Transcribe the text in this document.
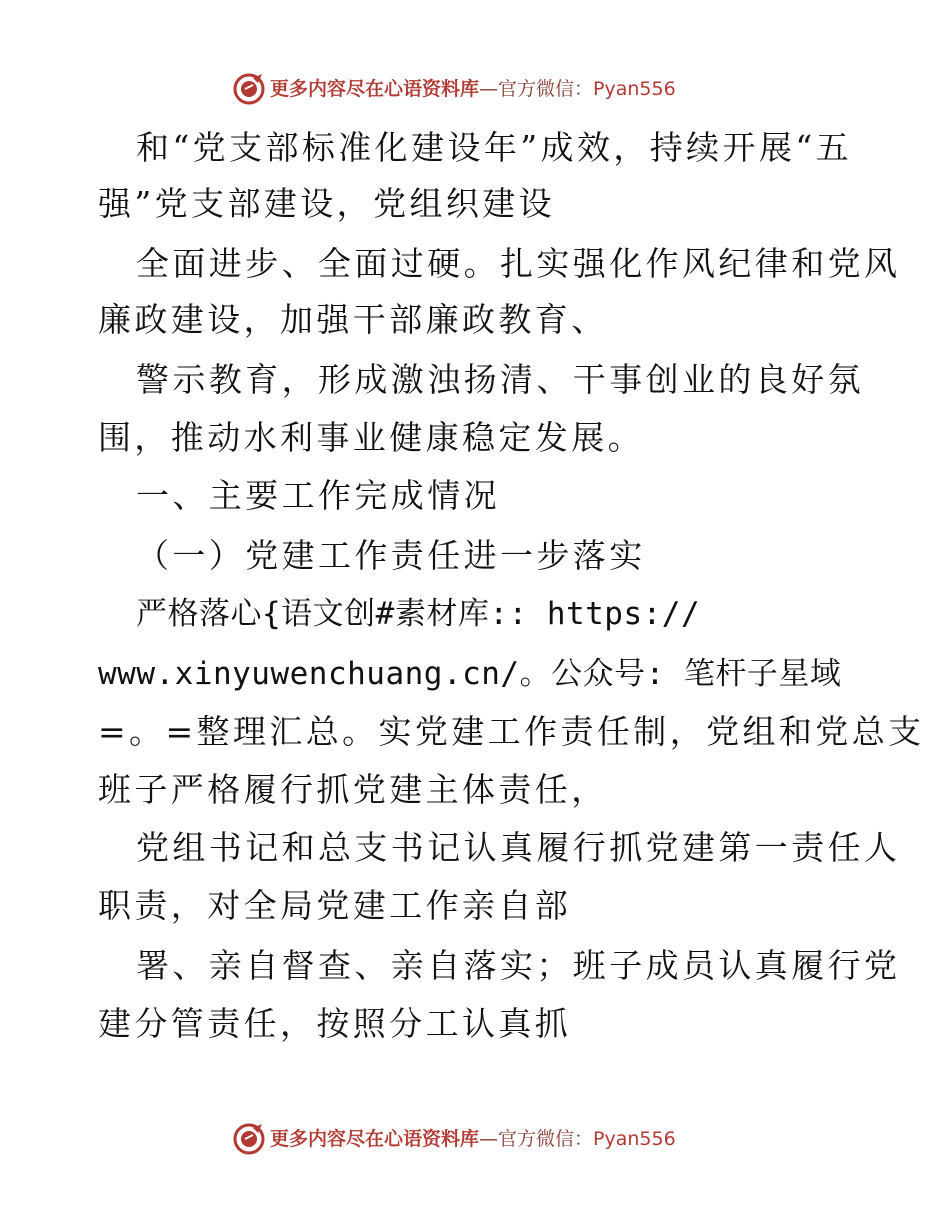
更多内容尽在心语资料库—官方微信：Pyan556
和“党支部标准化建设年”成效，持续开展“五
强”党支部建设，党组织建设
全面进步、全面过硬。扎实强化作风纪律和党风
廉政建设，加强干部廉政教育、
警示教育，形成激浊扬清、干事创业的良好氛
围，推动水利事业健康稳定发展。
一、主要工作完成情况
（一）党建工作责任进一步落实
严格落心{语文创#素材库:: https://
www.xinyuwenchuang.cn/。公众号: 笔杆子星域
=。=整理汇总。实党建工作责任制，党组和党总支
班子严格履行抓党建主体责任，
党组书记和总支书记认真履行抓党建第一责任人
职责，对全局党建工作亲自部
署、亲自督查、亲自落实；班子成员认真履行党
建分管责任，按照分工认真抓
更多内容尽在心语资料库—官方微信：Pyan556
